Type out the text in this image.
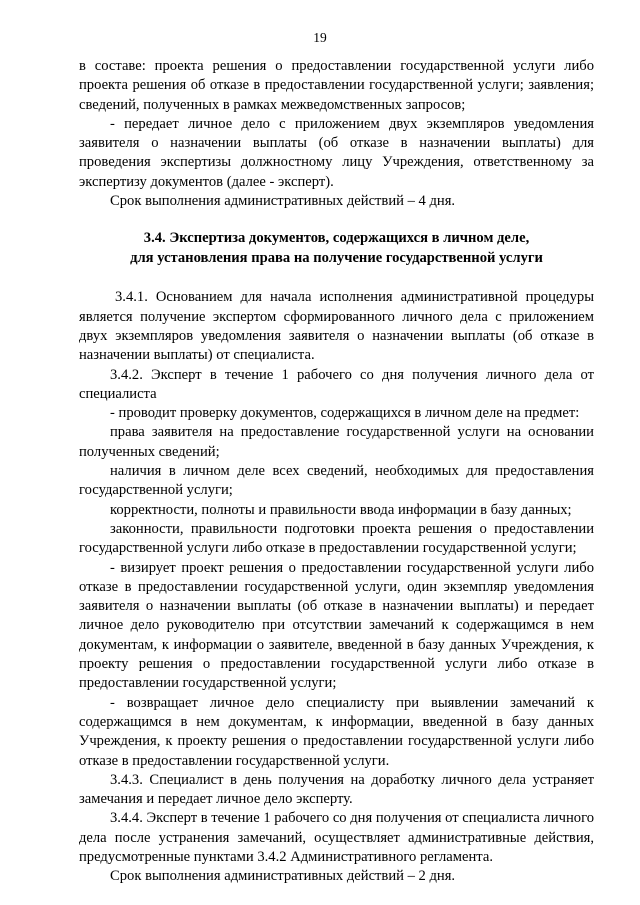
19

в составе: проекта решения о предоставлении государственной услуги либо проекта решения об отказе в предоставлении государственной услуги; заявления; сведений, полученных в рамках межведомственных запросов;

- передает личное дело с приложением двух экземпляров уведомления заявителя о назначении выплаты (об отказе в назначении выплаты) для проведения экспертизы должностному лицу Учреждения, ответственному за экспертизу документов (далее - эксперт).

Срок выполнения административных действий – 4 дня.

3.4. Экспертиза документов, содержащихся в личном деле,
для установления права на получение государственной услуги

3.4.1. Основанием для начала исполнения административной процедуры является получение экспертом сформированного личного дела с приложением двух экземпляров уведомления заявителя о назначении выплаты (об отказе в назначении выплаты) от специалиста.

3.4.2. Эксперт в течение 1 рабочего со дня получения личного дела от специалиста

- проводит проверку документов, содержащихся в личном деле на предмет:

права заявителя на предоставление государственной услуги на основании полученных сведений;

наличия в личном деле всех сведений, необходимых для предоставления государственной услуги;

корректности, полноты и правильности ввода информации в базу данных;

законности, правильности подготовки проекта решения о предоставлении государственной услуги либо отказе в предоставлении государственной услуги;

- визирует проект решения о предоставлении государственной услуги либо отказе в предоставлении государственной услуги, один экземпляр уведомления заявителя о назначении выплаты (об отказе в назначении выплаты) и передает личное дело руководителю при отсутствии замечаний к содержащимся в нем документам, к информации о заявителе, введенной в базу данных Учреждения, к проекту решения о предоставлении государственной услуги либо отказе в предоставлении государственной услуги;

- возвращает личное дело специалисту при выявлении замечаний к содержащимся в нем документам, к информации, введенной в базу данных Учреждения, к проекту решения о предоставлении государственной услуги либо отказе в предоставлении государственной услуги.

3.4.3. Специалист в день получения на доработку личного дела устраняет замечания и передает личное дело эксперту.

3.4.4. Эксперт в течение 1 рабочего со дня получения от специалиста личного дела после устранения замечаний, осуществляет административные действия, предусмотренные пунктами 3.4.2 Административного регламента.

Срок выполнения административных действий – 2 дня.
